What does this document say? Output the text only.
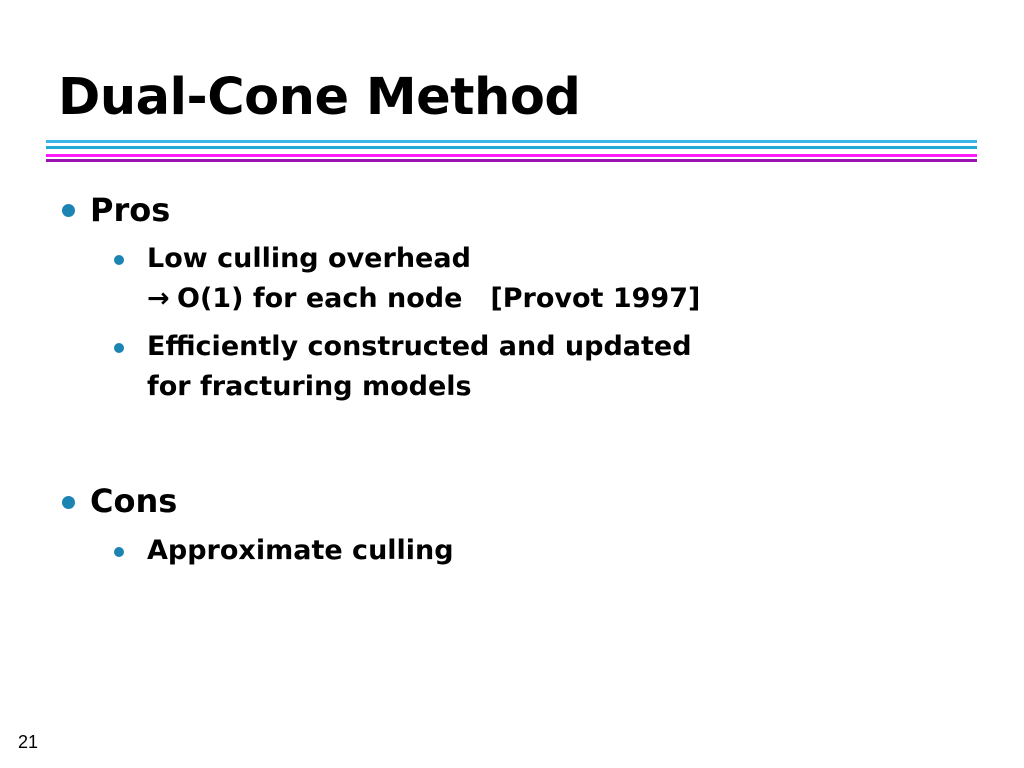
Dual-Cone Method

Pros

Low culling overhead

→ O(1) for each node [Provot 1997]

Efficiently constructed and updated

for fracturing models

Cons

Approximate culling

21
